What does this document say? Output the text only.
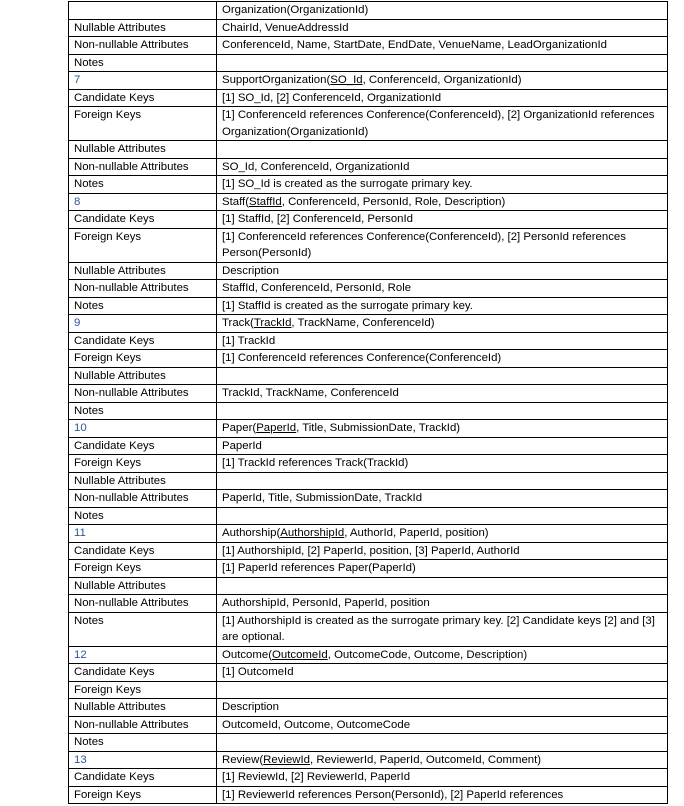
	Organization(OrganizationId)
Nullable Attributes	ChairId, VenueAddressId
Non-nullable Attributes	ConferenceId, Name, StartDate, EndDate, VenueName, LeadOrganizationId
Notes	
7	SupportOrganization(SO_Id, ConferenceId, OrganizationId)
Candidate Keys	[1] SO_Id, [2] ConferenceId, OrganizationId
Foreign Keys	[1] ConferenceId references Conference(ConferenceId), [2] OrganizationId references Organization(OrganizationId)
Nullable Attributes	
Non-nullable Attributes	SO_Id, ConferenceId, OrganizationId
Notes	[1] SO_Id is created as the surrogate primary key.
8	Staff(StaffId, ConferenceId, PersonId, Role, Description)
Candidate Keys	[1] StaffId, [2] ConferenceId, PersonId
Foreign Keys	[1] ConferenceId references Conference(ConferenceId), [2] PersonId references Person(PersonId)
Nullable Attributes	Description
Non-nullable Attributes	StaffId, ConferenceId, PersonId, Role
Notes	[1] StaffId is created as the surrogate primary key.
9	Track(TrackId, TrackName, ConferenceId)
Candidate Keys	[1] TrackId
Foreign Keys	[1] ConferenceId references Conference(ConferenceId)
Nullable Attributes	
Non-nullable Attributes	TrackId, TrackName, ConferenceId
Notes	
10	Paper(PaperId, Title, SubmissionDate, TrackId)
Candidate Keys	PaperId
Foreign Keys	[1] TrackId references Track(TrackId)
Nullable Attributes	
Non-nullable Attributes	PaperId, Title, SubmissionDate, TrackId
Notes	
11	Authorship(AuthorshipId, AuthorId, PaperId, position)
Candidate Keys	[1] AuthorshipId, [2] PaperId, position, [3] PaperId, AuthorId
Foreign Keys	[1] PaperId references Paper(PaperId)
Nullable Attributes	
Non-nullable Attributes	AuthorshipId, PersonId, PaperId, position
Notes	[1] AuthorshipId is created as the surrogate primary key. [2] Candidate keys [2] and [3] are optional.
12	Outcome(OutcomeId, OutcomeCode, Outcome, Description)
Candidate Keys	[1] OutcomeId
Foreign Keys	
Nullable Attributes	Description
Non-nullable Attributes	OutcomeId, Outcome, OutcomeCode
Notes	
13	Review(ReviewId, ReviewerId, PaperId, OutcomeId, Comment)
Candidate Keys	[1] ReviewId, [2] ReviewerId, PaperId
Foreign Keys	[1] ReviewerId references Person(PersonId), [2] PaperId references
